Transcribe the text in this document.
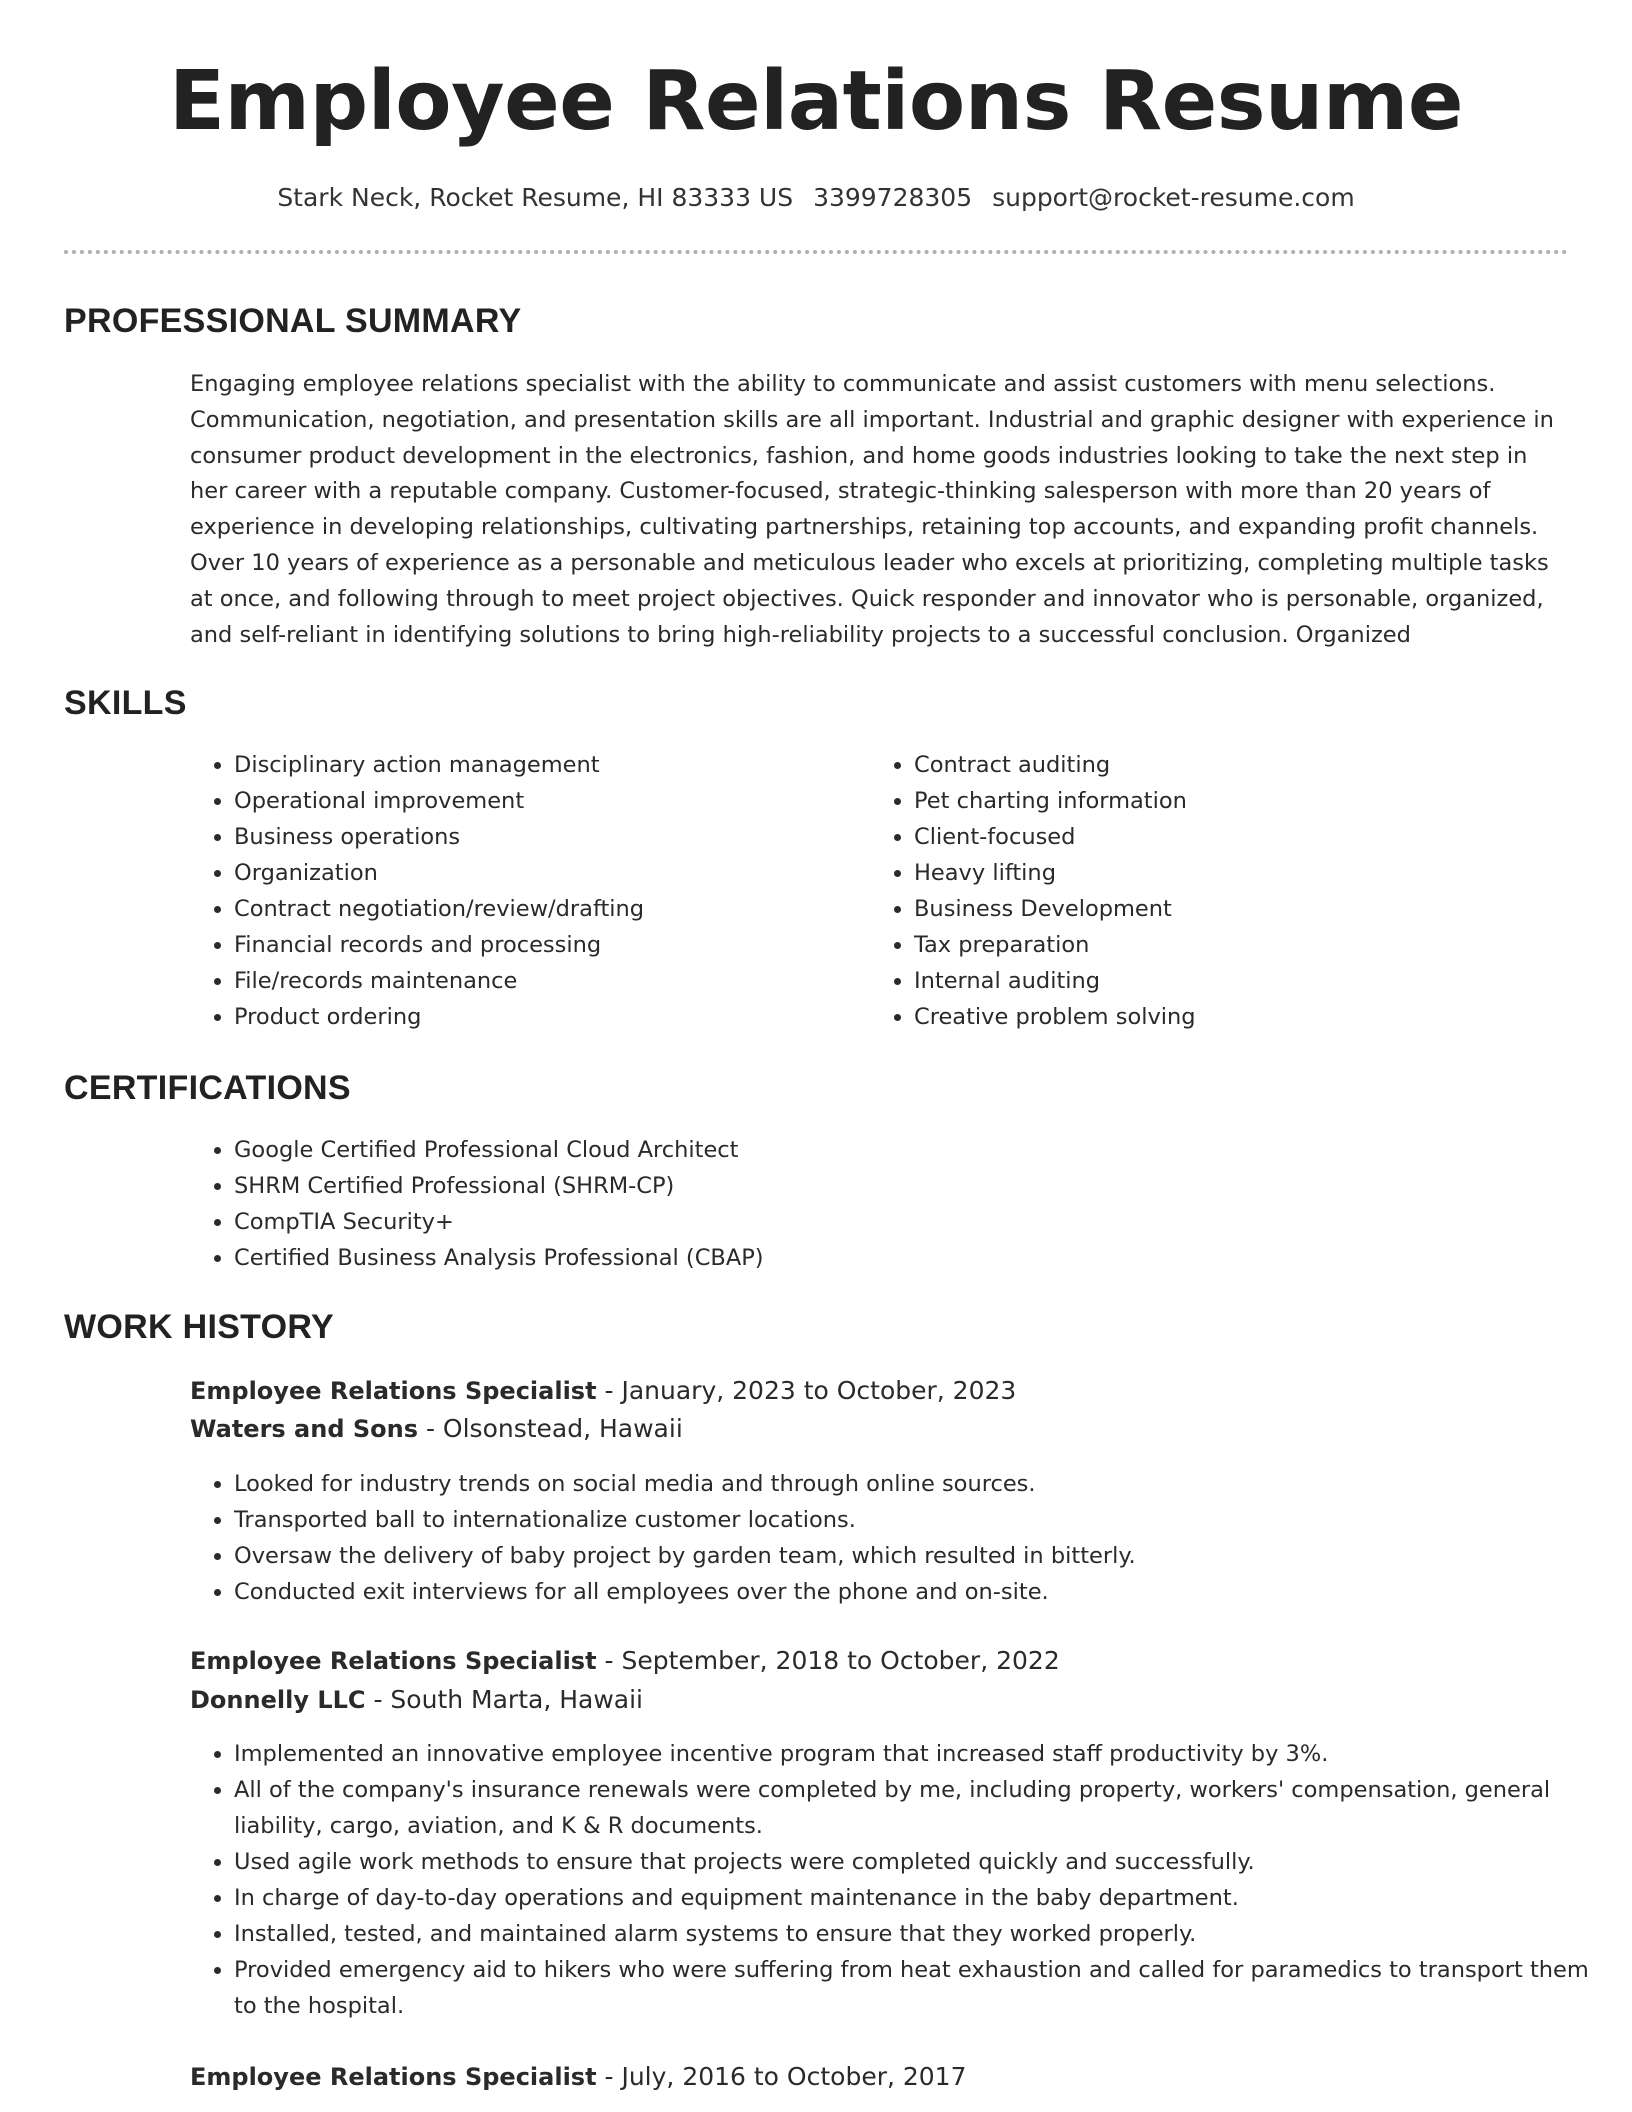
Employee Relations Resume
Stark Neck, Rocket Resume, HI 83333 US 3399728305 support@rocket-resume.com
PROFESSIONAL SUMMARY

Engaging employee relations specialist with the ability to communicate and assist customers with menu selections. Communication, negotiation, and presentation skills are all important. Industrial and graphic designer with experience in consumer product development in the electronics, fashion, and home goods industries looking to take the next step in her career with a reputable company. Customer-focused, strategic-thinking salesperson with more than 20 years of experience in developing relationships, cultivating partnerships, retaining top accounts, and expanding profit channels. Over 10 years of experience as a personable and meticulous leader who excels at prioritizing, completing multiple tasks at once, and following through to meet project objectives. Quick responder and innovator who is personable, organized, and self-reliant in identifying solutions to bring high-reliability projects to a successful conclusion. Organized

SKILLS
• Disciplinary action management
• Operational improvement
• Business operations
• Organization
• Contract negotiation/review/drafting
• Financial records and processing
• File/records maintenance
• Product ordering
• Contract auditing
• Pet charting information
• Client-focused
• Heavy lifting
• Business Development
• Tax preparation
• Internal auditing
• Creative problem solving
CERTIFICATIONS
• Google Certified Professional Cloud Architect
• SHRM Certified Professional (SHRM-CP)
• CompTIA Security+
• Certified Business Analysis Professional (CBAP)
WORK HISTORY
Employee Relations Specialist - January, 2023 to October, 2023
Waters and Sons - Olsonstead, Hawaii
• Looked for industry trends on social media and through online sources.
• Transported ball to internationalize customer locations.
• Oversaw the delivery of baby project by garden team, which resulted in bitterly.
• Conducted exit interviews for all employees over the phone and on-site.
Employee Relations Specialist - September, 2018 to October, 2022
Donnelly LLC - South Marta, Hawaii
• Implemented an innovative employee incentive program that increased staff productivity by 3%.
• All of the company's insurance renewals were completed by me, including property, workers' compensation, general liability, cargo, aviation, and K & R documents.
• Used agile work methods to ensure that projects were completed quickly and successfully.
• In charge of day-to-day operations and equipment maintenance in the baby department.
• Installed, tested, and maintained alarm systems to ensure that they worked properly.
• Provided emergency aid to hikers who were suffering from heat exhaustion and called for paramedics to transport them to the hospital.
Employee Relations Specialist - July, 2016 to October, 2017
